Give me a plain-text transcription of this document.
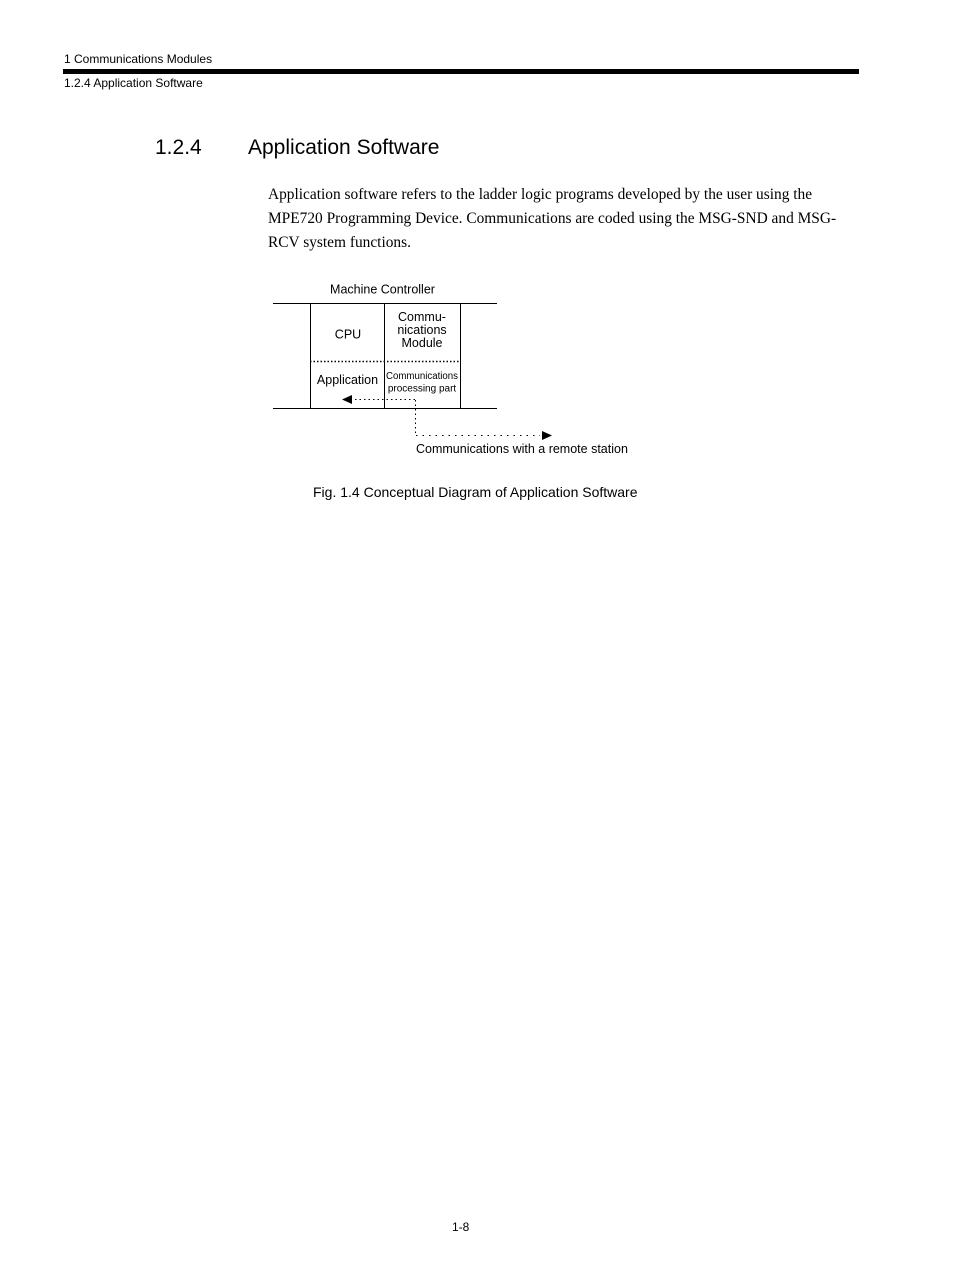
1 Communications Modules
1.2.4 Application Software
1.2.4 Application Software
Application software refers to the ladder logic programs developed by the user using the
MPE720 Programming Device. Communications are coded using the MSG-SND and MSG-
RCV system functions.
Machine Controller
CPU
Commu-
nications
Module
Application Communications
processing part
Communications with a remote station
Fig. 1.4 Conceptual Diagram of Application Software
1-8
